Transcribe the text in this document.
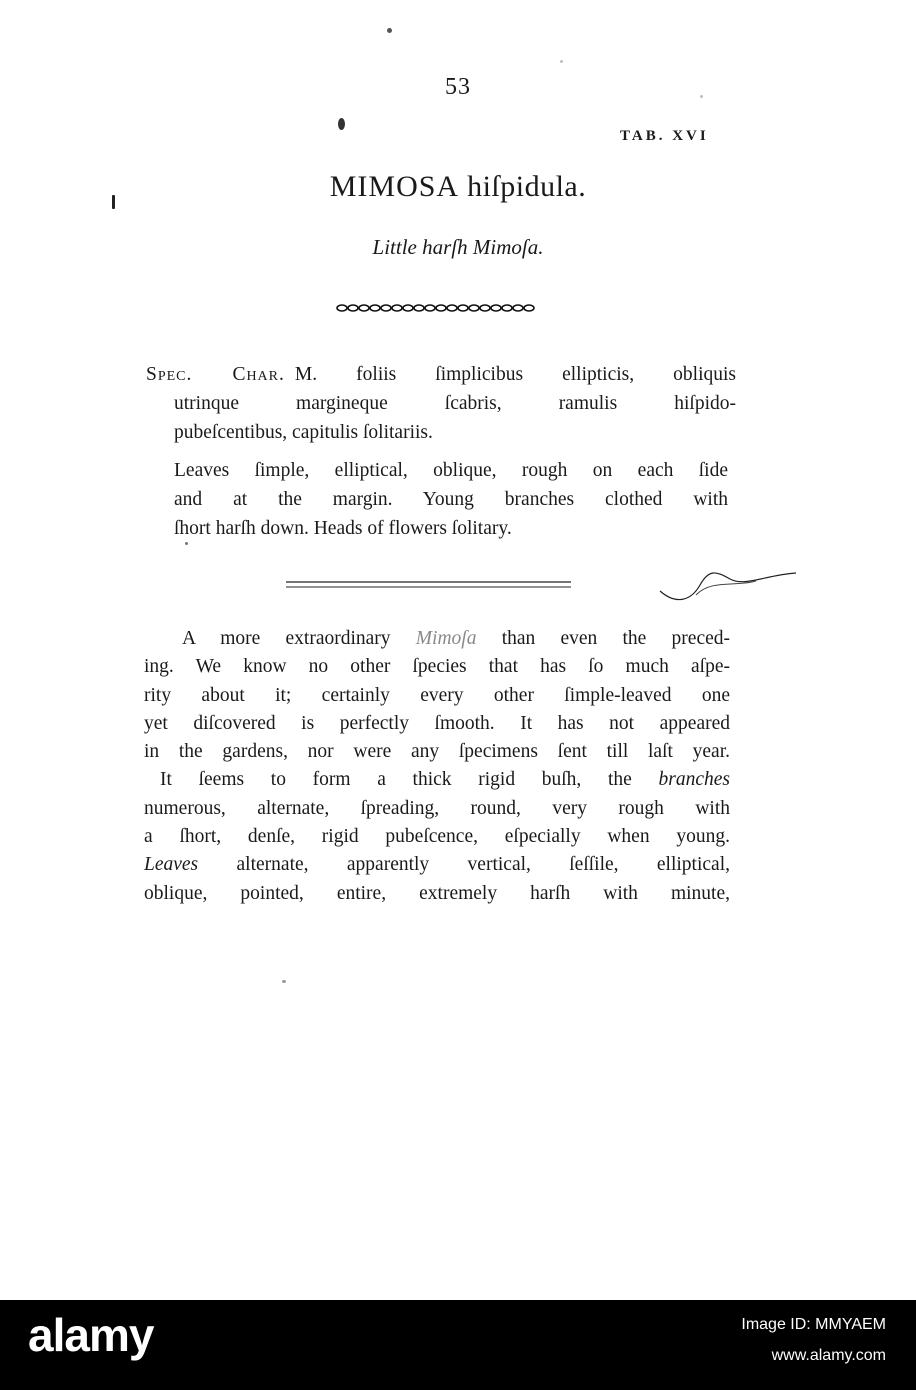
53
TAB. XVI
MIMOSA hiſpidula.
Little harſh Mimoſa.
Spec. Char. M. foliis ſimplicibus ellipticis, obliquis
utrinque margineque ſcabris, ramulis hiſpido-
pubeſcentibus, capitulis ſolitariis.
Leaves ſimple, elliptical, oblique, rough on each ſide
and at the margin. Young branches clothed with
ſhort harſh down. Heads of flowers ſolitary.
A more extraordinary Mimoſa than even the preced-
ing. We know no other ſpecies that has ſo much aſpe-
rity about it; certainly every other ſimple-leaved one
yet diſcovered is perfectly ſmooth. It has not appeared
in the gardens, nor were any ſpecimens ſent till laſt year.
It ſeems to form a thick rigid buſh, the branches
numerous, alternate, ſpreading, round, very rough with
a ſhort, denſe, rigid pubeſcence, eſpecially when young.
Leaves alternate, apparently vertical, ſeſſile, elliptical,
oblique, pointed, entire, extremely harſh with minute,
alamy	Image ID: MMYAEM
www.alamy.com
